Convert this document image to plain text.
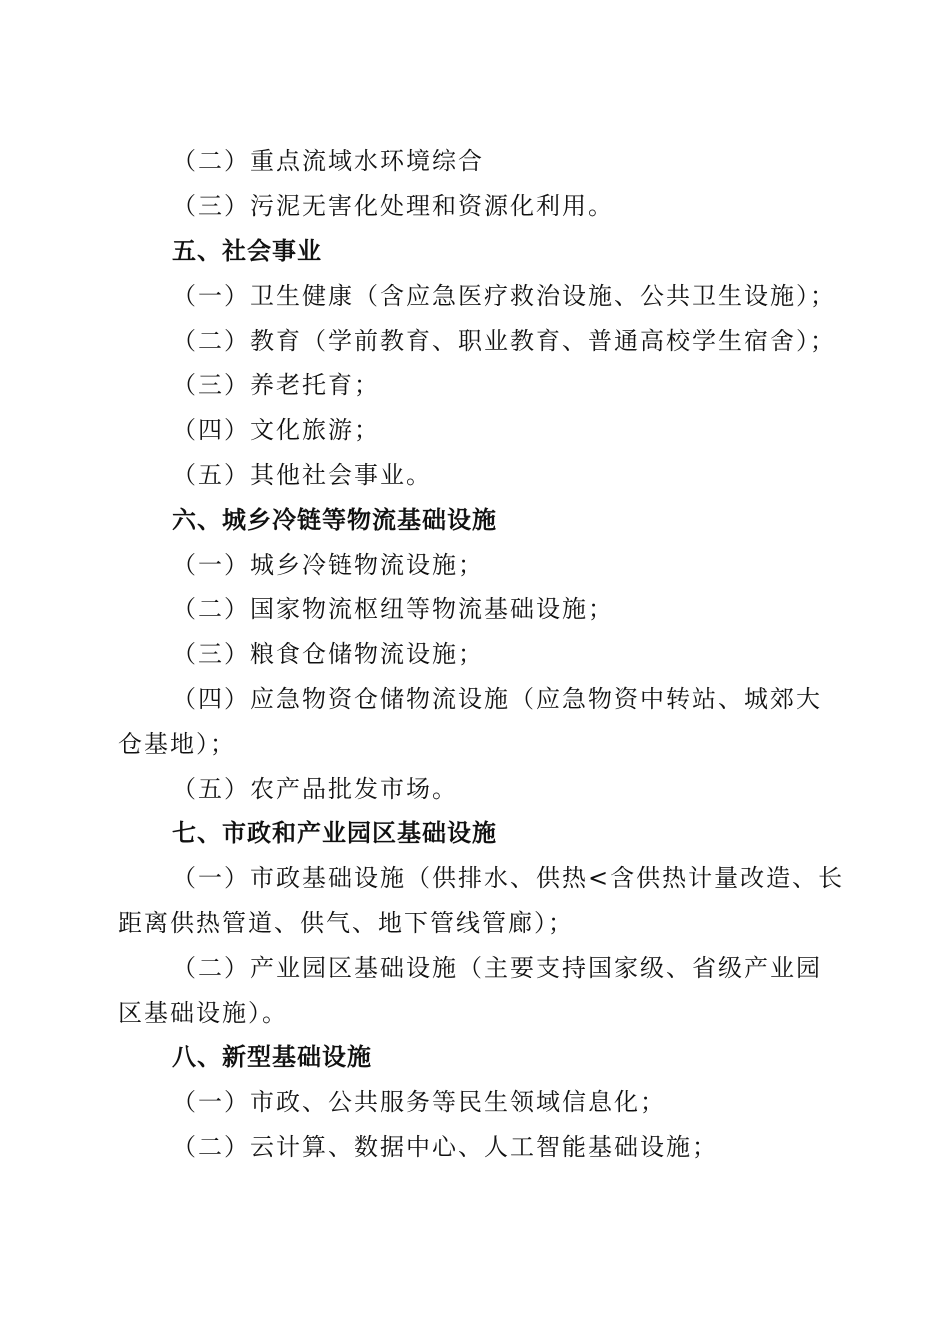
（二）重点流域水环境综合
（三）污泥无害化处理和资源化利用。
五、社会事业
（一）卫生健康（含应急医疗救治设施、公共卫生设施）；
（二）教育（学前教育、职业教育、普通高校学生宿舍）；
（三）养老托育；
（四）文化旅游；
（五）其他社会事业。
六、城乡冷链等物流基础设施
（一）城乡冷链物流设施；
（二）国家物流枢纽等物流基础设施；
（三）粮食仓储物流设施；
（四）应急物资仓储物流设施（应急物资中转站、城郊大
仓基地）；
（五）农产品批发市场。
七、市政和产业园区基础设施
（一）市政基础设施（供排水、供热<含供热计量改造、长
距离供热管道、供气、地下管线管廊）；
（二）产业园区基础设施（主要支持国家级、省级产业园
区基础设施）。
八、新型基础设施
（一）市政、公共服务等民生领域信息化；
（二）云计算、数据中心、人工智能基础设施；
